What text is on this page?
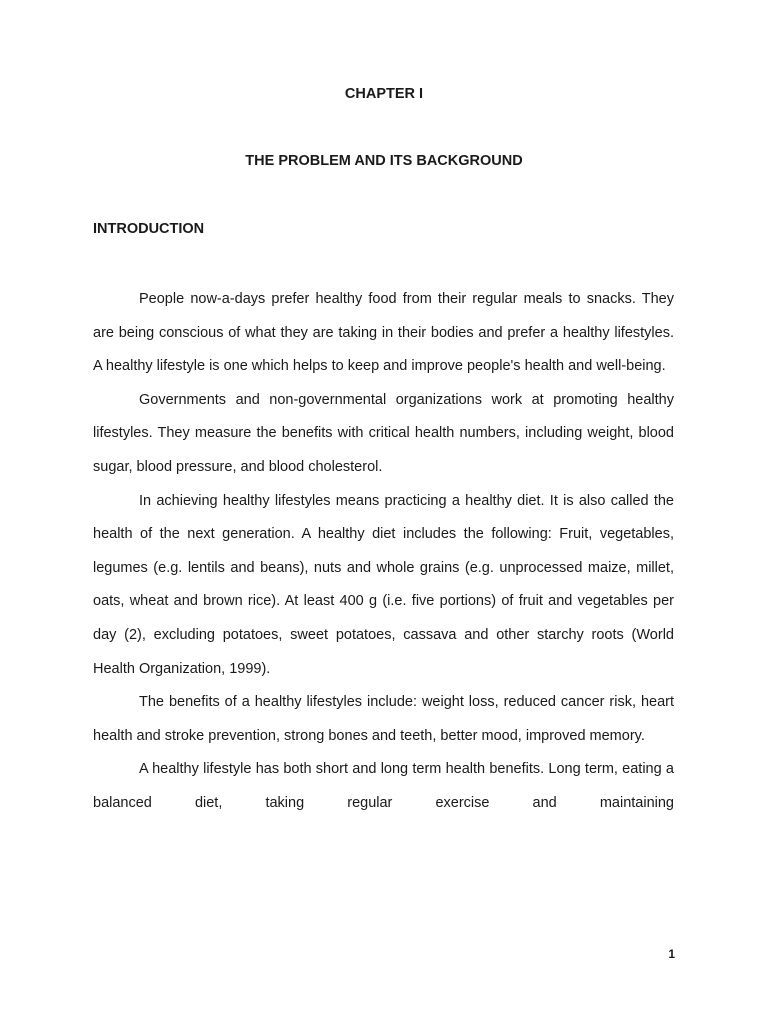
CHAPTER I
THE PROBLEM AND ITS BACKGROUND
INTRODUCTION

People now-a-days prefer healthy food from their regular meals to snacks. They are being conscious of what they are taking in their bodies and prefer a healthy lifestyles. A healthy lifestyle is one which helps to keep and improve people's health and well-being.

Governments and non-governmental organizations work at promoting healthy lifestyles. They measure the benefits with critical health numbers, including weight, blood sugar, blood pressure, and blood cholesterol.

In achieving healthy lifestyles means practicing a healthy diet. It is also called the health of the next generation. A healthy diet includes the following: Fruit, vegetables, legumes (e.g. lentils and beans), nuts and whole grains (e.g. unprocessed maize, millet, oats, wheat and brown rice). At least 400 g (i.e. five portions) of fruit and vegetables per day (2), excluding potatoes, sweet potatoes, cassava and other starchy roots (World Health Organization, 1999).

The benefits of a healthy lifestyles include: weight loss, reduced cancer risk, heart health and stroke prevention, strong bones and teeth, better mood, improved memory.

A healthy lifestyle has both short and long term health benefits. Long term, eating a balanced diet, taking regular exercise and maintaining

1
